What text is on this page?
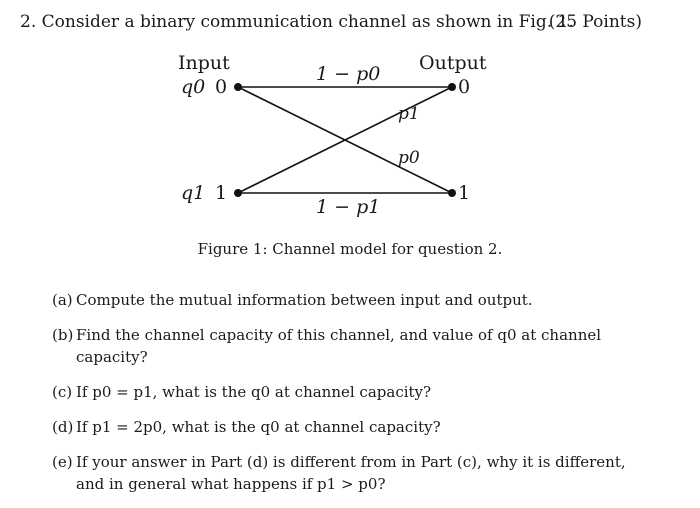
2. Consider a binary communication channel as shown in Fig. 1.
(25 Points)
Input	Output
q0 0
q1 1
0
1
1 − p0
1 − p1
p1
p0
Figure 1: Channel model for question 2.
(a) Compute the mutual information between input and output.
(b) Find the channel capacity of this channel, and value of q0 at channel capacity?
(c) If p0 = p1, what is the q0 at channel capacity?
(d) If p1 = 2p0, what is the q0 at channel capacity?
(e) If your answer in Part (d) is different from in Part (c), why it is different, and in general what happens if p1 > p0?
